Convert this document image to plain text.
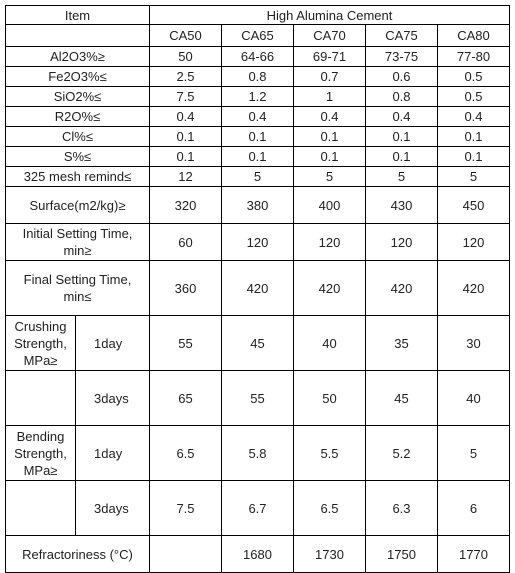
Item		High Alumina Cement				
		CA50	CA65	CA70	CA75	CA80
Al2O3%≥		50	64-66	69-71	73-75	77-80
Fe2O3%≤		2.5	0.8	0.7	0.6	0.5
SiO2%≤		7.5	1.2	1	0.8	0.5
R2O%≤		0.4	0.4	0.4	0.4	0.4
Cl%≤		0.1	0.1	0.1	0.1	0.1
S%≤		0.1	0.1	0.1	0.1	0.1
325 mesh remind≤		12	5	5	5	5
Surface(m2/kg)≥		320	380	400	430	450
Initial Setting Time, min≥		60	120	120	120	120
Final Setting Time, min≤		360	420	420	420	420
Crushing Strength, MPa≥	1day	55	45	40	35	30
	3days	65	55	50	45	40
Bending Strength, MPa≥	1day	6.5	5.8	5.5	5.2	5
	3days	7.5	6.7	6.5	6.3	6
Refractoriness (°C)			1680	1730	1750	1770
